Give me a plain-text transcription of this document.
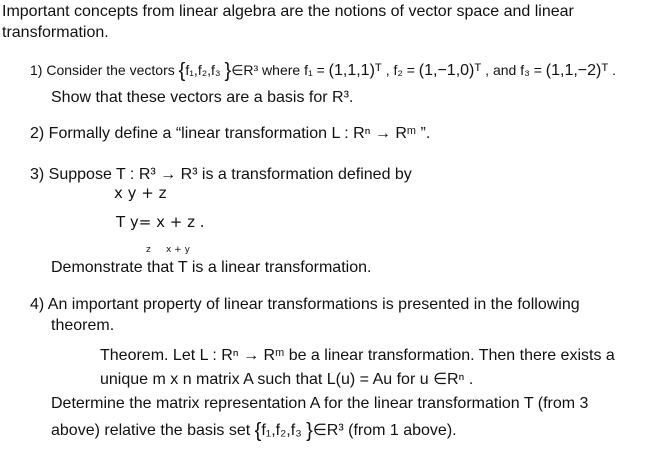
Important concepts from linear algebra are the notions of vector space and linear
transformation.
1) Consider the vectors {f₁,f₂,f₃ }∈R³ where f₁ = (1,1,1)ᵀ , f₂ = (1,−1,0)ᵀ , and f₃ = (1,1,−2)ᵀ .
Show that these vectors are a basis for R³.
2) Formally define a “linear transformation L : Rⁿ → Rᵐ ”.
3) Suppose T : R³ → R³ is a transformation defined by
x y + z
T y= x + z .
z x + y
Demonstrate that T is a linear transformation.
4) An important property of linear transformations is presented in the following
theorem.
Theorem. Let L : Rⁿ → Rᵐ be a linear transformation. Then there exists a
unique m x n matrix A such that L(u) = Au for u ∈Rⁿ .
Determine the matrix representation A for the linear transformation T (from 3
above) relative the basis set {f₁,f₂,f₃ }∈R³ (from 1 above).
